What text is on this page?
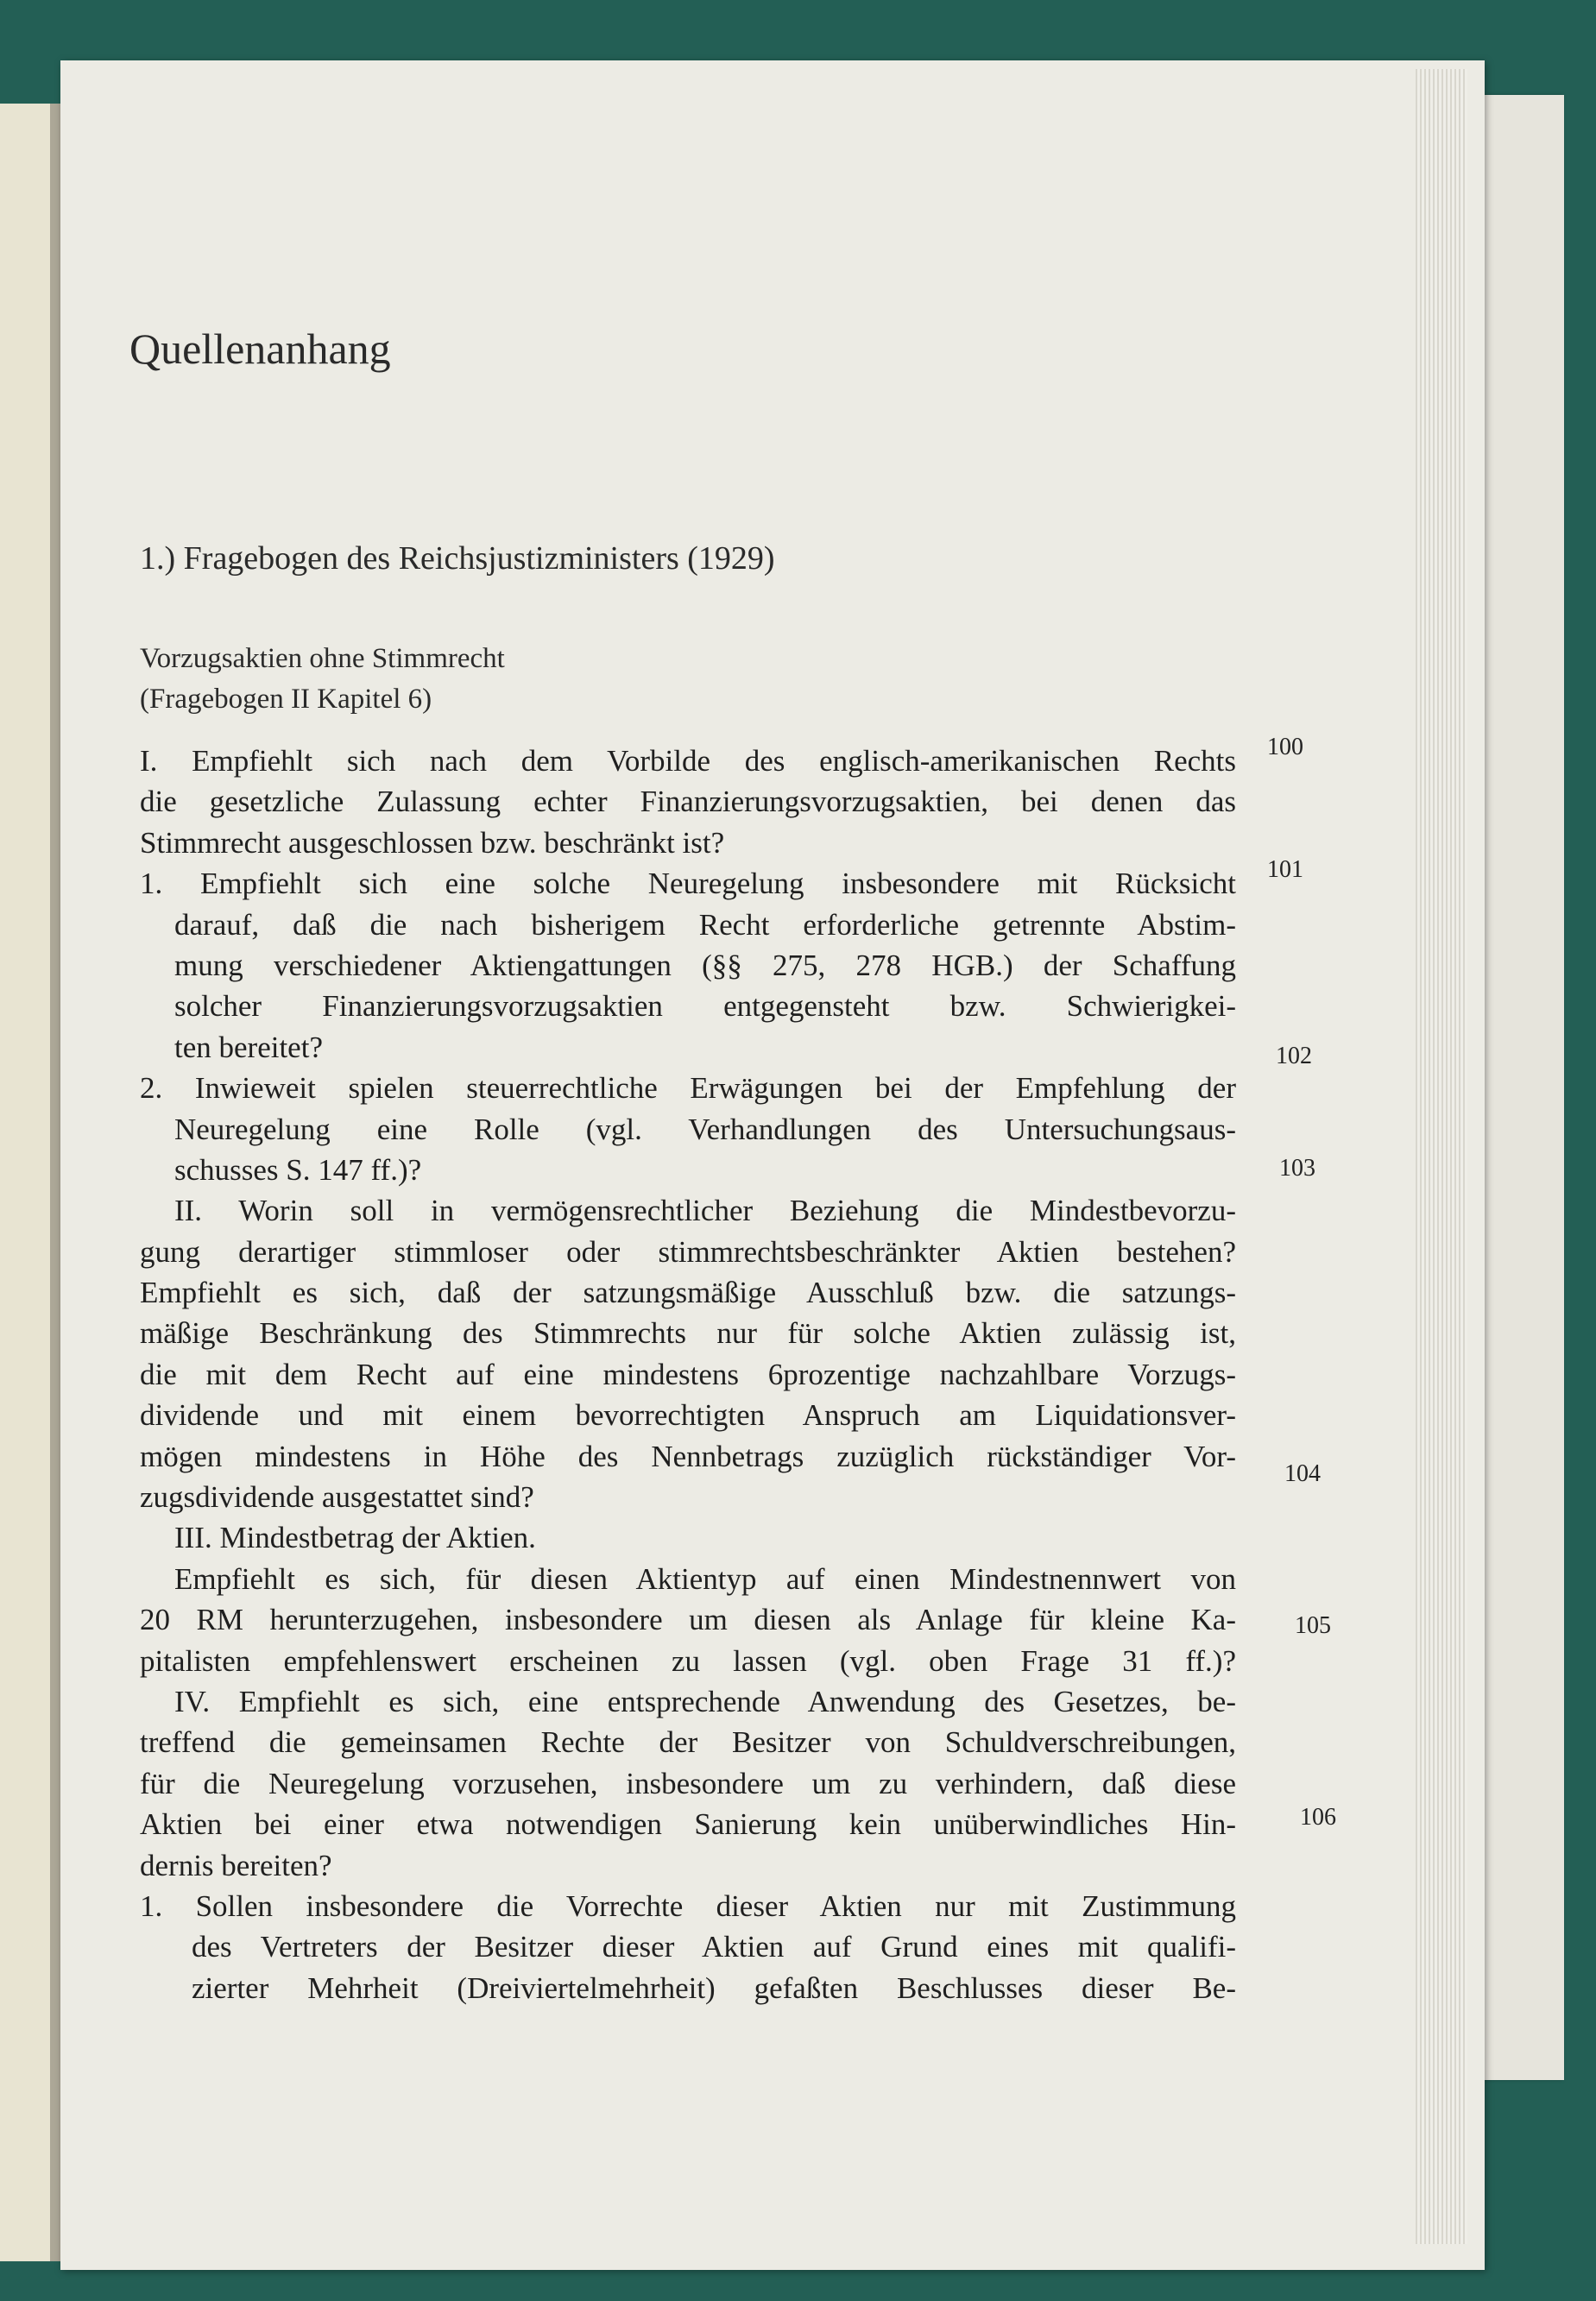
Quellenanhang
1.) Fragebogen des Reichsjustizministers (1929)
Vorzugsaktien ohne Stimmrecht
(Fragebogen II Kapitel 6)
I. Empfiehlt sich nach dem Vorbilde des englisch-amerikanischen Rechts
die gesetzliche Zulassung echter Finanzierungsvorzugsaktien, bei denen das
Stimmrecht ausgeschlossen bzw. beschränkt ist?
1. Empfiehlt sich eine solche Neuregelung insbesondere mit Rücksicht
darauf, daß die nach bisherigem Recht erforderliche getrennte Abstim-
mung verschiedener Aktiengattungen (§§ 275, 278 HGB.) der Schaffung
solcher Finanzierungsvorzugsaktien entgegensteht bzw. Schwierigkei-
ten bereitet?
2. Inwieweit spielen steuerrechtliche Erwägungen bei der Empfehlung der
Neuregelung eine Rolle (vgl. Verhandlungen des Untersuchungsaus-
schusses S. 147 ff.)?
II. Worin soll in vermögensrechtlicher Beziehung die Mindestbevorzu-
gung derartiger stimmloser oder stimmrechtsbeschränkter Aktien bestehen?
Empfiehlt es sich, daß der satzungsmäßige Ausschluß bzw. die satzungs-
mäßige Beschränkung des Stimmrechts nur für solche Aktien zulässig ist,
die mit dem Recht auf eine mindestens 6prozentige nachzahlbare Vorzugs-
dividende und mit einem bevorrechtigten Anspruch am Liquidationsver-
mögen mindestens in Höhe des Nennbetrags zuzüglich rückständiger Vor-
zugsdividende ausgestattet sind?
III. Mindestbetrag der Aktien.
Empfiehlt es sich, für diesen Aktientyp auf einen Mindestnennwert von
20 RM herunterzugehen, insbesondere um diesen als Anlage für kleine Ka-
pitalisten empfehlenswert erscheinen zu lassen (vgl. oben Frage 31 ff.)?
IV. Empfiehlt es sich, eine entsprechende Anwendung des Gesetzes, be-
treffend die gemeinsamen Rechte der Besitzer von Schuldverschreibungen,
für die Neuregelung vorzusehen, insbesondere um zu verhindern, daß diese
Aktien bei einer etwa notwendigen Sanierung kein unüberwindliches Hin-
dernis bereiten?
1. Sollen insbesondere die Vorrechte dieser Aktien nur mit Zustimmung
des Vertreters der Besitzer dieser Aktien auf Grund eines mit qualifi-
zierter Mehrheit (Dreiviertelmehrheit) gefaßten Beschlusses dieser Be-
100
101
102
103
104
105
106
